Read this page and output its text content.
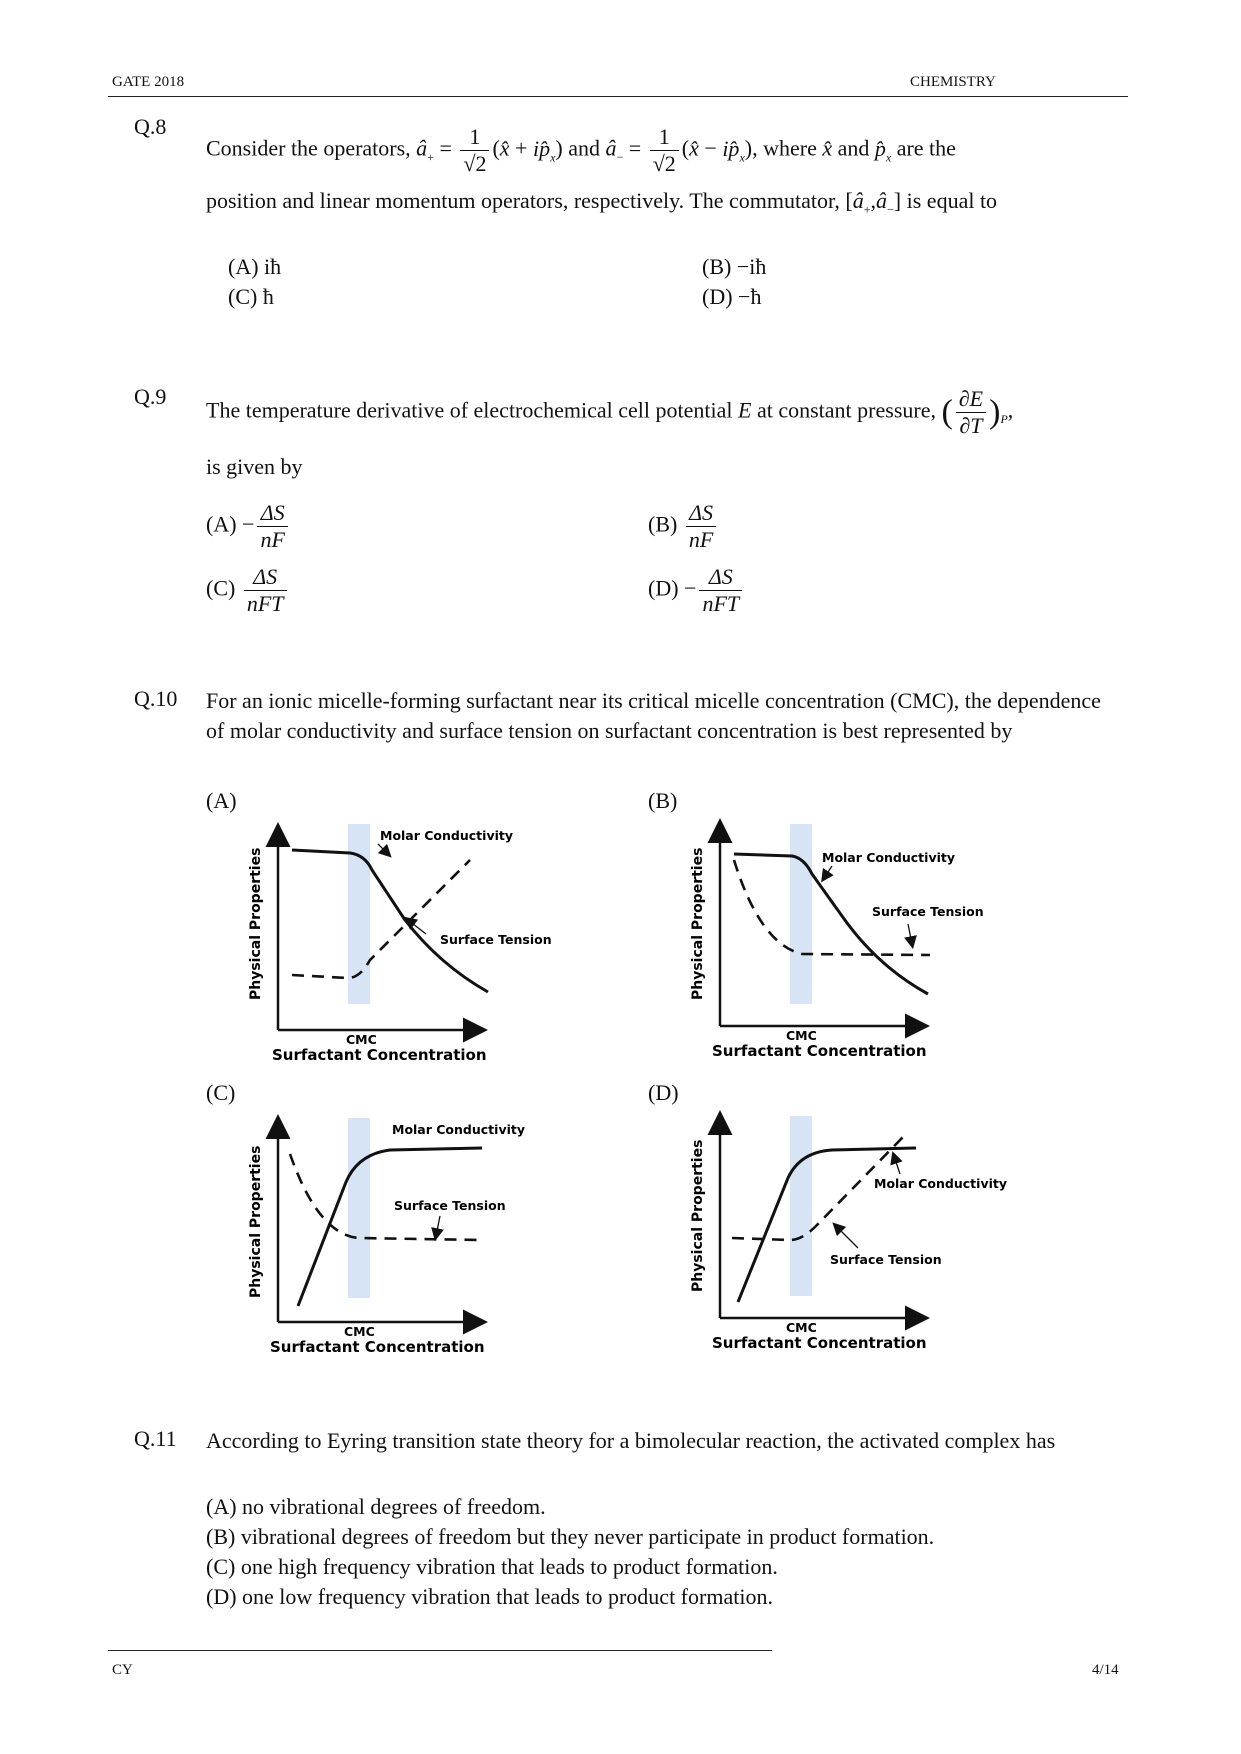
GATE 2018	CHEMISTRY
Q.8
Consider the operators, $â_+ = \frac{1}{√2}$ (x̂ + $ip̂_x$) and $â_- = \frac{1}{√2}$ (x̂ − $ip̂_x$), where x̂ and $p̂_x$ are the
position and linear momentum operators, respectively. The commutator, $[â_+,â_-]$ is equal to
(A) iħ	(B) −iħ
(C) ħ	(D) −ħ
Q.9
The temperature derivative of electrochemical cell potential E at constant pressure, ( $\frac{\partial E}{\partial T} )_P$,
is given by
$(A) - \frac{\Delta S}{nF}$	$(B) \frac{\Delta S}{nF}$
$(C) \frac{\Delta S}{\text{nFT}}$	$(D) - \frac{\Delta S}{\text{nFT}}$
Q.10 For an ionic micelle-forming surfactant near its critical micelle concentration (CMC), the dependence of molar conductivity and surface tension on surfactant concentration is best represented by
(A)	(B)
(C)	(D)
Molar Conductivity
Surface Tension
CMC
Surfactant Concentration
Physical Properties	Molar Conductivity
Surface Tension
CMC
Surfactant Concentration
Physical Properties
Molar Conductivity
Surface Tension
CMC
Surfactant Concentration
Physical Properties	Molar Conductivity
Surface Tension
CMC
Surfactant Concentration
Physical Properties
Q.11 According to Eyring transition state theory for a bimolecular reaction, the activated complex has
(A) no vibrational degrees of freedom.
(B) vibrational degrees of freedom but they never participate in product formation.
(C) one high frequency vibration that leads to product formation.
(D) one low frequency vibration that leads to product formation.
CY	4/14
